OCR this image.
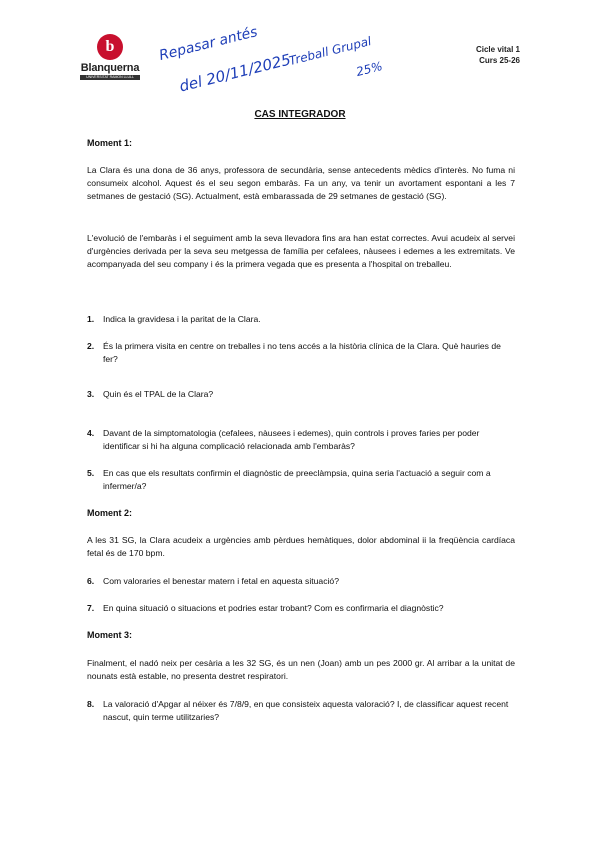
b
Blanquerna
UNIVERSITAT RAMON LLULL
Repasar antés
del 20/11/2025
Treball Grupal
25%
Cicle vital 1
Curs 25-26
CAS INTEGRADOR
Moment 1:
La Clara és una dona de 36 anys, professora de secundària, sense antecedents mèdics d'interès. No fuma ni consumeix alcohol. Aquest és el seu segon embaràs. Fa un any, va tenir un avortament espontani a les 7 setmanes de gestació (SG). Actualment, està embarassada de 29 setmanes de gestació (SG).
L'evolució de l'embaràs i el seguiment amb la seva llevadora fins ara han estat correctes. Avui acudeix al servei d'urgències derivada per la seva seu metgessa de família per cefalees, nàusees i edemes a les extremitats. Ve acompanyada del seu company i és la primera vegada que es presenta a l'hospital on treballeu.
1.	Indica la gravidesa i la paritat de la Clara.
2.	És la primera visita en centre on treballes i no tens accés a la història clínica de la Clara. Què hauries de fer?
3.	Quin és el TPAL de la Clara?
4.	Davant de la simptomatologia (cefalees, nàusees i edemes), quin controls i proves faries per poder identificar si hi ha alguna complicació relacionada amb l'embaràs?
5.	En cas que els resultats confirmin el diagnòstic de preeclàmpsia, quina seria l'actuació a seguir com a infermer/a?
Moment 2:
A les 31 SG, la Clara acudeix a urgències amb pèrdues hemàtiques, dolor abdominal ii la freqüència cardíaca fetal és de 170 bpm.
6.	Com valoraries el benestar matern i fetal en aquesta situació?
7.	En quina situació o situacions et podries estar trobant? Com es confirmaria el diagnòstic?
Moment 3:
Finalment, el nadó neix per cesària a les 32 SG, és un nen (Joan) amb un pes 2000 gr. Al arribar a la unitat de nounats està estable, no presenta destret respiratori.
8.	La valoració d'Apgar al néixer és 7/8/9, en que consisteix aquesta valoració? I, de classificar aquest recent nascut, quin terme utilitzaries?
